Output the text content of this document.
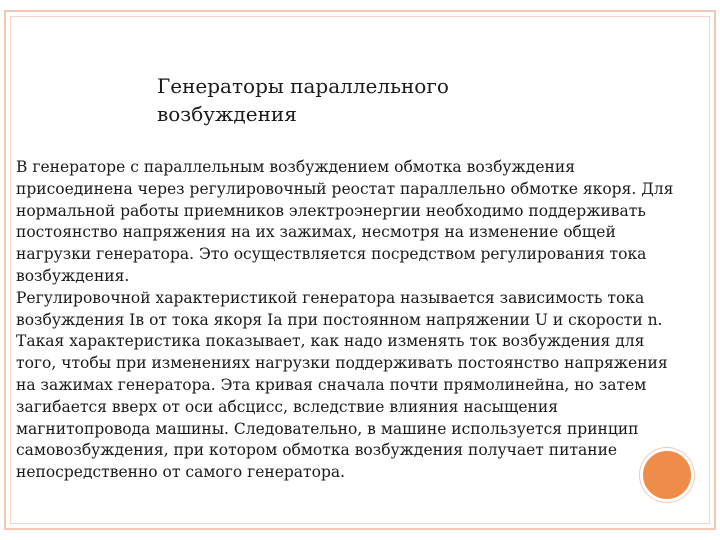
Генераторы параллельного возбуждения

В генераторе с параллельным возбуждением обмотка возбуждения присоединена через регулировочный реостат параллельно обмотке якоря. Для нормальной работы приемников электроэнергии необходимо поддерживать постоянство напряжения на их зажимах, несмотря на изменение общей нагрузки генератора. Это осуществляется посредством регулирования тока возбуждения.

Регулировочной характеристикой генератора называется зависимость тока возбуждения Iв от тока якоря Iа при постоянном напряжении U и скорости n. Такая характеристика показывает, как надо изменять ток возбуждения для того, чтобы при изменениях нагрузки поддерживать постоянство напряжения на зажимах генератора. Эта кривая сначала почти прямолинейна, но затем загибается вверх от оси абсцисс, вследствие влияния насыщения магнитопровода машины. Следовательно, в машине используется принцип самовозбуждения, при котором обмотка возбуждения получает питание непосредственно от самого генератора.
